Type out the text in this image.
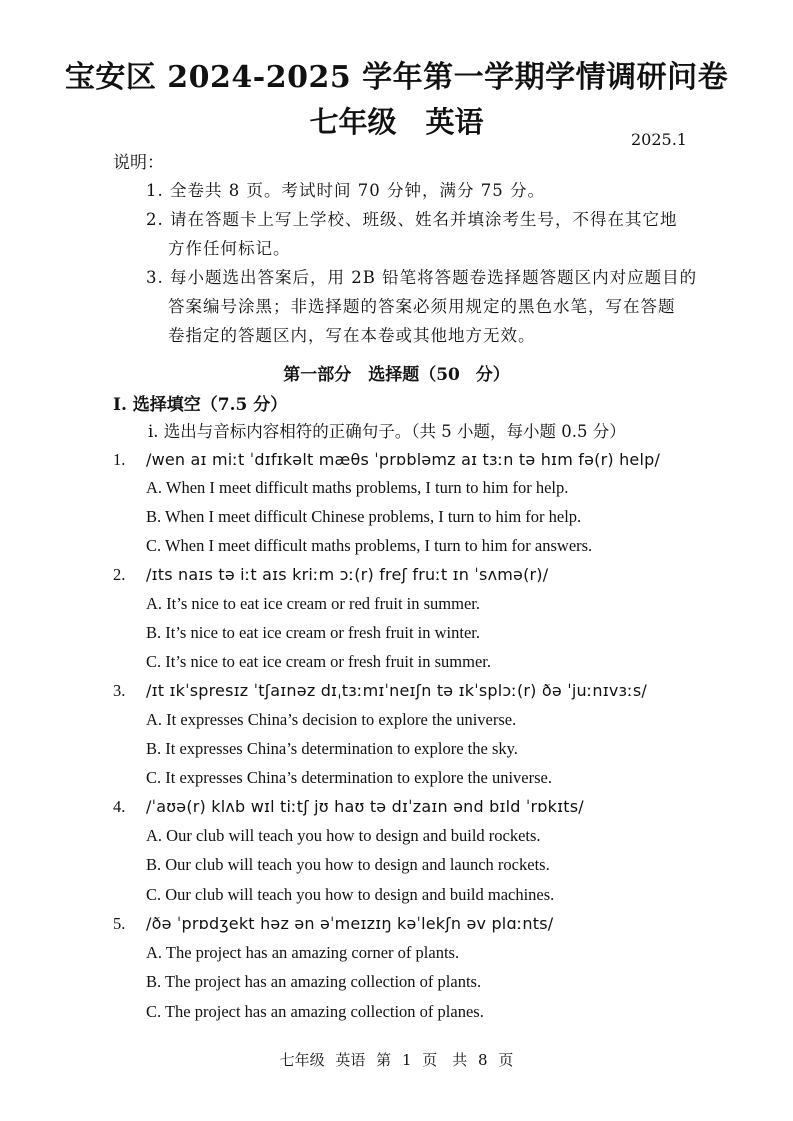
宝安区 2024-2025 学年第一学期学情调研问卷
七年级　英语
2025.1
说明：
1. 全卷共 8 页。考试时间 70 分钟，满分 75 分。
2. 请在答题卡上写上学校、班级、姓名并填涂考生号，不得在其它地
方作任何标记。
3. 每小题选出答案后，用 2B 铅笔将答题卷选择题答题区内对应题目的
答案编号涂黑；非选择题的答案必须用规定的黑色水笔，写在答题
卷指定的答题区内，写在本卷或其他地方无效。
第一部分　选择题（50 分）
I. 选择填空（7.5 分）
i. 选出与音标内容相符的正确句子。（共 5 小题，每小题 0.5 分）
1. /wen aɪ miːt ˈdɪfɪkəlt mæθs ˈprɒbləmz aɪ tɜːn tə hɪm fə(r) help/
A. When I meet difficult maths problems, I turn to him for help.
B. When I meet difficult Chinese problems, I turn to him for help.
C. When I meet difficult maths problems, I turn to him for answers.
2. /ɪts naɪs tə iːt aɪs kriːm ɔː(r) freʃ fruːt ɪn ˈsʌmə(r)/
A. It’s nice to eat ice cream or red fruit in summer.
B. It’s nice to eat ice cream or fresh fruit in winter.
C. It’s nice to eat ice cream or fresh fruit in summer.
3. /ɪt ɪkˈspresɪz ˈtʃaɪnəz dɪˌtɜːmɪˈneɪʃn tə ɪkˈsplɔː(r) ðə ˈjuːnɪvɜːs/
A. It expresses China’s decision to explore the universe.
B. It expresses China’s determination to explore the sky.
C. It expresses China’s determination to explore the universe.
4. /ˈaʊə(r) klʌb wɪl tiːtʃ jʊ haʊ tə dɪˈzaɪn ənd bɪld ˈrɒkɪts/
A. Our club will teach you how to design and build rockets.
B. Our club will teach you how to design and launch rockets.
C. Our club will teach you how to design and build machines.
5. /ðə ˈprɒdʒekt həz ən əˈmeɪzɪŋ kəˈlekʃn əv plɑːnts/
A. The project has an amazing corner of plants.
B. The project has an amazing collection of plants.
C. The project has an amazing collection of planes.
七年级 英语 第 1 页　共 8 页
